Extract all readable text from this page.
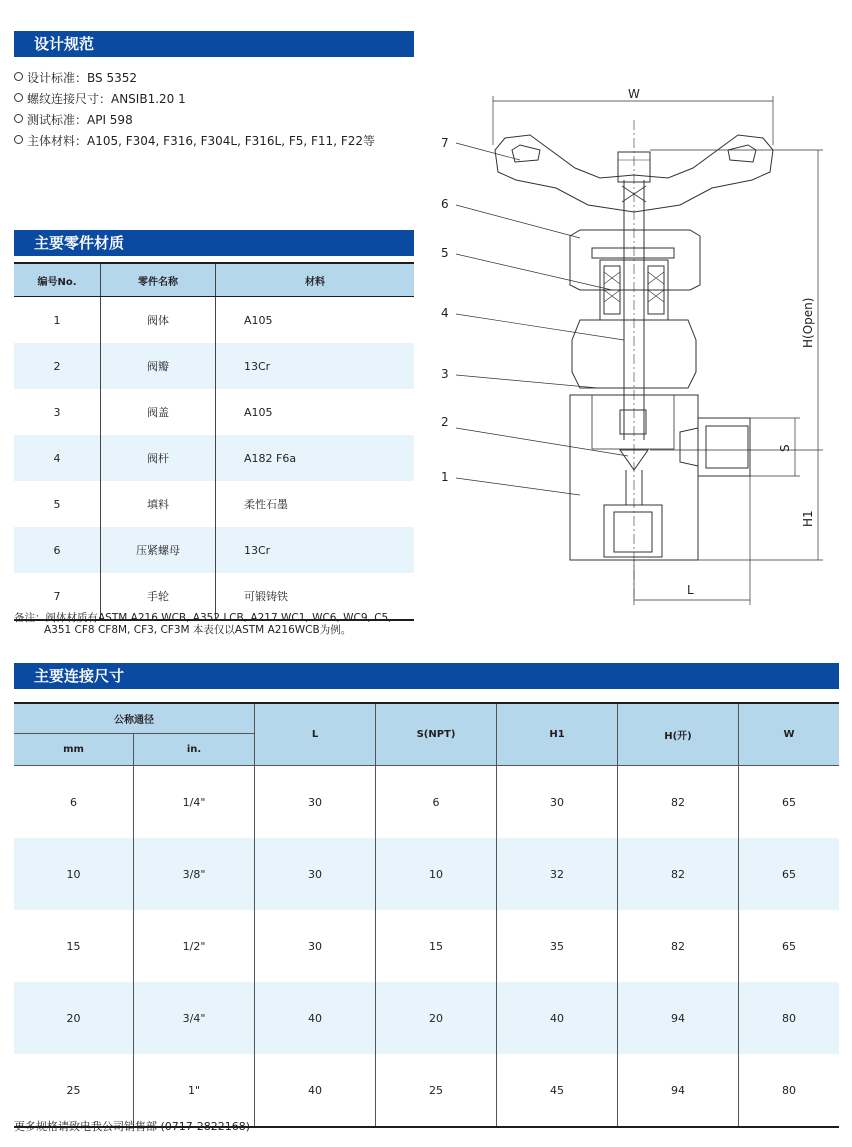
设计规范
设计标准：BS 5352
螺纹连接尺寸：ANSIB1.20 1
测试标准：API 598
主体材料：A105, F304, F316, F304L, F316L, F5, F11, F22等
主要零件材质
编号No.	零件名称	材料
1	阀体	A105
2	阀瓣	13Cr
3	阀盖	A105
4	阀杆	A182 F6a
5	填料	柔性石墨
6	压紧螺母	13Cr
7	手轮	可锻铸铁
备注：阀体材质有ASTM A216 WCB, A352 LCB, A217 WC1, WC6, WC9, C5,
A351 CF8 CF8M, CF3, CF3M 本表仅以ASTM A216WCB为例。
7
6
5
4
3
2
1
W
L
H(Open)
H1
S
主要连接尺寸
公称通径		L	S(NPT)	H1	H(开)	W
mm	in.					
6	1/4"	30	6	30	82	65
10	3/8"	30	10	32	82	65
15	1/2"	30	15	35	82	65
20	3/4"	40	20	40	94	80
25	1"	40	25	45	94	80
更多规格请致电我公司销售部 (0717-2822168)
